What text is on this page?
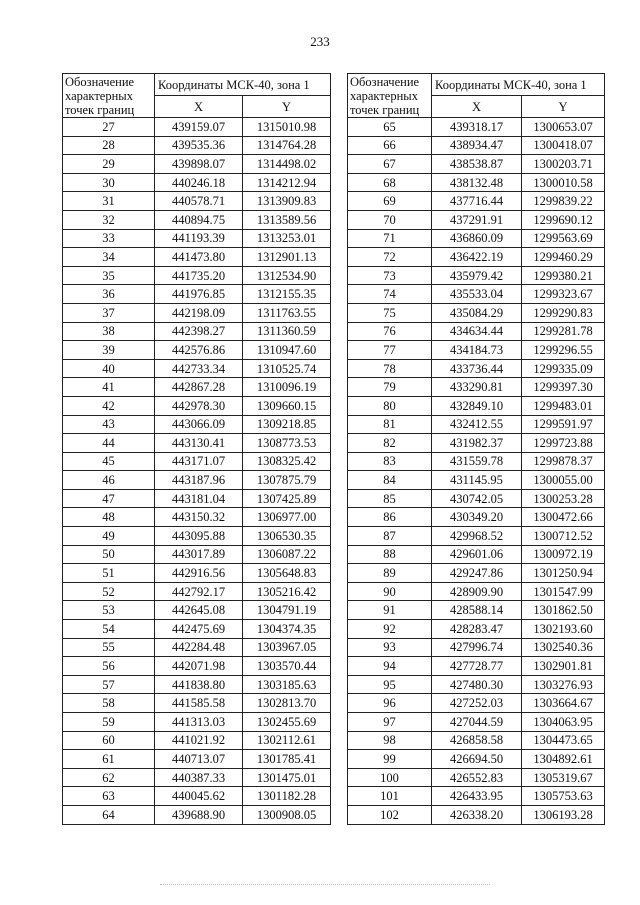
233
Обозначение характерных точек границ	Координаты МСК-40, зона 1	
	X	Y
27	439159.07	1315010.98
28	439535.36	1314764.28
29	439898.07	1314498.02
30	440246.18	1314212.94
31	440578.71	1313909.83
32	440894.75	1313589.56
33	441193.39	1313253.01
34	441473.80	1312901.13
35	441735.20	1312534.90
36	441976.85	1312155.35
37	442198.09	1311763.55
38	442398.27	1311360.59
39	442576.86	1310947.60
40	442733.34	1310525.74
41	442867.28	1310096.19
42	442978.30	1309660.15
43	443066.09	1309218.85
44	443130.41	1308773.53
45	443171.07	1308325.42
46	443187.96	1307875.79
47	443181.04	1307425.89
48	443150.32	1306977.00
49	443095.88	1306530.35
50	443017.89	1306087.22
51	442916.56	1305648.83
52	442792.17	1305216.42
53	442645.08	1304791.19
54	442475.69	1304374.35
55	442284.48	1303967.05
56	442071.98	1303570.44
57	441838.80	1303185.63
58	441585.58	1302813.70
59	441313.03	1302455.69
60	441021.92	1302112.61
61	440713.07	1301785.41
62	440387.33	1301475.01
63	440045.62	1301182.28
64	439688.90	1300908.05
Обозначение характерных точек границ	Координаты МСК-40, зона 1	
	X	Y
65	439318.17	1300653.07
66	438934.47	1300418.07
67	438538.87	1300203.71
68	438132.48	1300010.58
69	437716.44	1299839.22
70	437291.91	1299690.12
71	436860.09	1299563.69
72	436422.19	1299460.29
73	435979.42	1299380.21
74	435533.04	1299323.67
75	435084.29	1299290.83
76	434634.44	1299281.78
77	434184.73	1299296.55
78	433736.44	1299335.09
79	433290.81	1299397.30
80	432849.10	1299483.01
81	432412.55	1299591.97
82	431982.37	1299723.88
83	431559.78	1299878.37
84	431145.95	1300055.00
85	430742.05	1300253.28
86	430349.20	1300472.66
87	429968.52	1300712.52
88	429601.06	1300972.19
89	429247.86	1301250.94
90	428909.90	1301547.99
91	428588.14	1301862.50
92	428283.47	1302193.60
93	427996.74	1302540.36
94	427728.77	1302901.81
95	427480.30	1303276.93
96	427252.03	1303664.67
97	427044.59	1304063.95
98	426858.58	1304473.65
99	426694.50	1304892.61
100	426552.83	1305319.67
101	426433.95	1305753.63
102	426338.20	1306193.28
